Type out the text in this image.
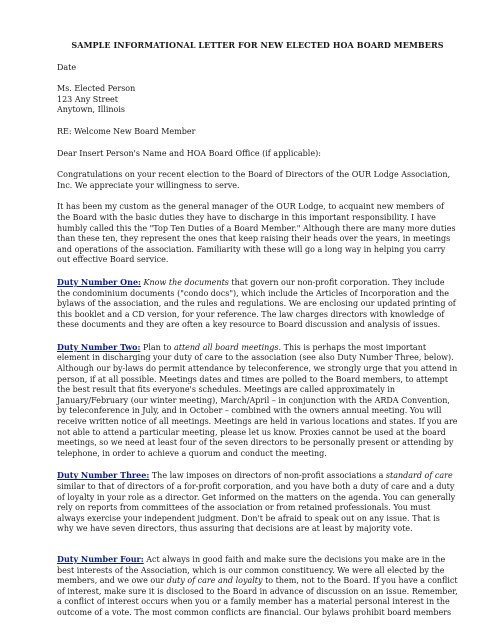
SAMPLE INFORMATIONAL LETTER FOR NEW ELECTED HOA BOARD MEMBERS
Date
Ms. Elected Person
123 Any Street
Anytown, Illinois
RE: Welcome New Board Member
Dear Insert Person's Name and HOA Board Office (if applicable):
Congratulations on your recent election to the Board of Directors of the OUR Lodge Association, Inc. We appreciate your willingness to serve.
It has been my custom as the general manager of the OUR Lodge, to acquaint new members of the Board with the basic duties they have to discharge in this important responsibility. I have humbly called this the "Top Ten Duties of a Board Member." Although there are many more duties than these ten, they represent the ones that keep raising their heads over the years, in meetings and operations of the association. Familiarity with these will go a long way in helping you carry out effective Board service.
Duty Number One: Know the documents that govern our non-profit corporation. They include the condominium documents ("condo docs"), which include the Articles of Incorporation and the bylaws of the association, and the rules and regulations. We are enclosing our updated printing of this booklet and a CD version, for your reference. The law charges directors with knowledge of these documents and they are often a key resource to Board discussion and analysis of issues.
Duty Number Two: Plan to attend all board meetings. This is perhaps the most important element in discharging your duty of care to the association (see also Duty Number Three, below). Although our by-laws do permit attendance by teleconference, we strongly urge that you attend in person, if at all possible. Meetings dates and times are polled to the Board members, to attempt the best result that fits everyone's schedules. Meetings are called approximately in January/February (our winter meeting), March/April – in conjunction with the ARDA Convention, by teleconference in July, and in October – combined with the owners annual meeting. You will receive written notice of all meetings. Meetings are held in various locations and states. If you are not able to attend a particular meeting, please let us know. Proxies cannot be used at the board meetings, so we need at least four of the seven directors to be personally present or attending by telephone, in order to achieve a quorum and conduct the meeting.
Duty Number Three: The law imposes on directors of non-profit associations a standard of care similar to that of directors of a for-profit corporation, and you have both a duty of care and a duty of loyalty in your role as a director. Get informed on the matters on the agenda. You can generally rely on reports from committees of the association or from retained professionals. You must always exercise your independent judgment. Don't be afraid to speak out on any issue. That is why we have seven directors, thus assuring that decisions are at least by majority vote.
Duty Number Four: Act always in good faith and make sure the decisions you make are in the best interests of the Association, which is our common constituency. We were all elected by the members, and we owe our duty of care and loyalty to them, not to the Board. If you have a conflict of interest, make sure it is disclosed to the Board in advance of discussion on an issue. Remember, a conflict of interest occurs when you or a family member has a material personal interest in the outcome of a vote. The most common conflicts are financial. Our bylaws prohibit board members
